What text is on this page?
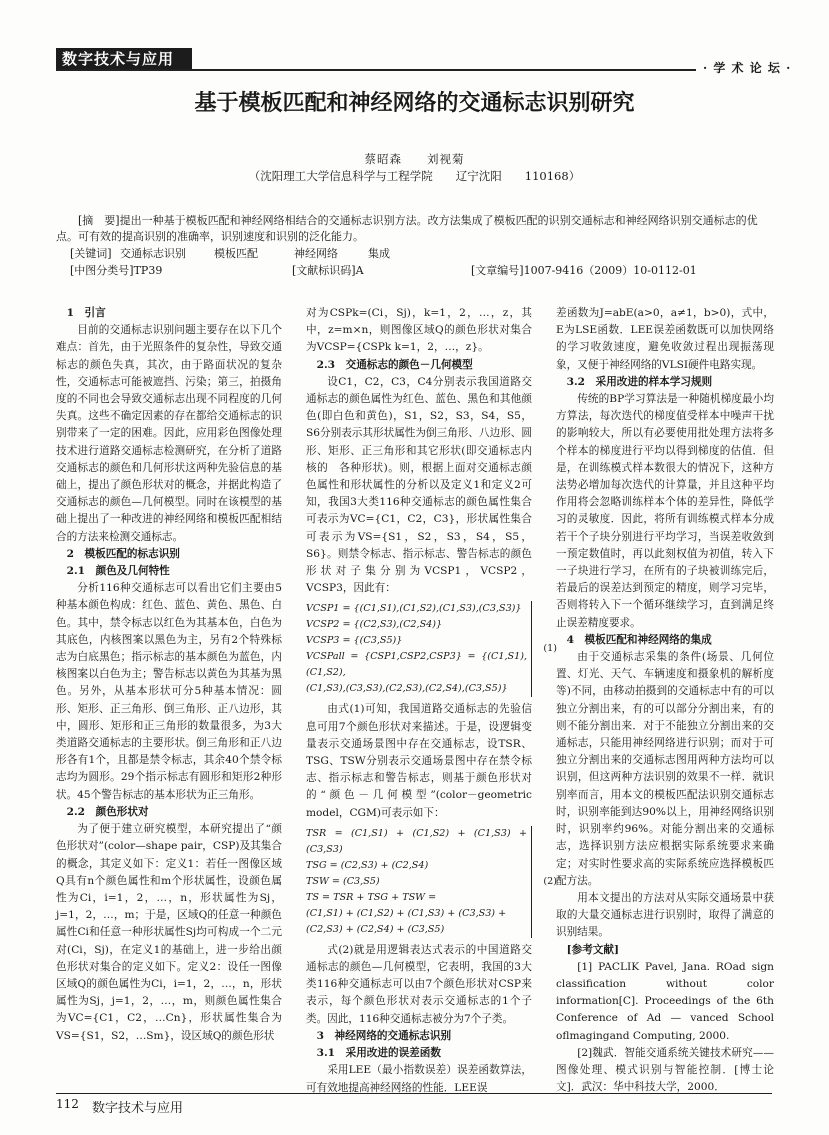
数字技术与应用	· 学 术 论 坛 ·
基于模板匹配和神经网络的交通标志识别研究
蔡昭森　　刘视菊
（沈阳理工大学信息科学与工程学院　　辽宁沈阳　　110168）

[摘　要]提出一种基于模板匹配和神经网络相结合的交通标志识别方法。改方法集成了模板匹配的识别交通标志和神经网络识别交通标志的优点。可有效的提高识别的准确率，识别速度和识别的泛化能力。

[关键词] 交通标志识别	模板匹配	神经网络	集成
[中图分类号]TP39	[文献标识码]A	[文章编号]1007-9416（2009）10-0112-01

1　引言

目前的交通标志识别问题主要存在以下几个难点：首先，由于光照条件的复杂性，导致交通标志的颜色失真，其次，由于路面状况的复杂性，交通标志可能被遮挡、污染；第三，拍摄角度的不同也会导致交通标志出现不同程度的几何失真。这些不确定因素的存在都给交通标志的识别带来了一定的困难。因此，应用彩色图像处理技术进行道路交通标志检测研究，在分析了道路交通标志的颜色和几何形状这两种先验信息的基础上，提出了颜色形状对的概念，并据此构造了交通标志的颜色—几何模型。同时在该模型的基础上提出了一种改进的神经网络和模板匹配相结合的方法来检测交通标志。

2　模板匹配的标志识别

2.1　颜色及几何特性

分析116种交通标志可以看出它们主要由5种基本颜色构成：红色、蓝色、黄色、黑色、白色。其中，禁令标志以红色为其基本色，白色为其底色，内核图案以黑色为主，另有2个特殊标志为白底黑色；指示标志的基本颜色为蓝色，内核图案以白色为主；警告标志以黄色为其基为黑色。另外，从基本形状可分5种基本情况：圆形、矩形、正三角形、倒三角形、正八边形，其中，圆形、矩形和正三角形的数量很多，为3大类道路交通标志的主要形状。倒三角形和正八边形各有1个，且都是禁令标志，其余40个禁令标志均为圆形。29个指示标志有圆形和矩形2种形状。45个警告标志的基本形状为正三角形。

2.2　颜色形状对

为了便于建立研究模型，本研究提出了“颜色形状对”(color—shape pair，CSP)及其集合的概念，其定义如下：定义1：若任一图像区域Q具有n个颜色属性和m个形状属性，设颜色属性为Ci，i=1，2，…，n，形状属性为Sj，j=1，2，…，m；于是，区域Q的任意一种颜色属性Ci和任意一种形状属性Sj均可构成一个二元对(Ci，Sj)，在定义1的基础上，进一步给出颜色形状对集合的定义如下。定义2：设任一图像区域Q的颜色属性为Ci，i=1，2，…，n，形状属性为Sj，j=1，2，…，m，则颜色属性集合为VC={C1，C2，…Cn}，形状属性集合为VS={S1，S2，…Sm}，设区域Q的颜色形状

对为CSPk=(Ci，Sj)，k=1，2，…，z，其中，z=m×n，则图像区域Q的颜色形状对集合为VCSP={CSPk k=1，2，…，z}。

2.3　交通标志的颜色－几何模型

设C1，C2，C3，C4分别表示我国道路交通标志的颜色属性为红色、蓝色、黑色和其他颜色(即白色和黄色)，S1，S2，S3，S4，S5，S6分别表示其形状属性为倒三角形、八边形、圆形、矩形、正三角形和其它形状(即交通标志内核的　各种形状)。则，根据上面对交通标志颜色属性和形状属性的分析以及定义1和定义2可知，我国3大类116种交通标志的颜色属性集合可表示为VC={C1，C2，C3}，形状属性集合可表示为VS={S1，S2，S3，S4，S5，S6}。则禁令标志、指示标志、警告标志的颜色形状对子集分别为VCSP1，VCSP2，VCSP3，因此有：

VCSP1 = {(C1,S1),(C1,S2),(C1,S3),(C3,S3)}
VCSP2 = {(C2,S3),(C2,S4)}
VCSP3 = {(C3,S5)}
VCSPall = {CSP1,CSP2,CSP3} = {(C1,S1),(C1,S2),
(C1,S3),(C3,S3),(C2,S3),(C2,S4),(C3,S5)}
(1)

由式(1)可知，我国道路交通标志的先验信息可用7个颜色形状对来描述。于是，设逻辑变量表示交通场景图中存在交通标志，设TSR、TSG、TSW分别表示交通场景图中存在禁令标志、指示标志和警告标志，则基于颜色形状对的“颜色－几何模型”(color－geometric model，CGM)可表示如下：

TSR = (C1,S1) + (C1,S2) + (C1,S3) + (C3,S3)
TSG = (C2,S3) + (C2,S4)
TSW = (C3,S5)
TS = TSR + TSG + TSW =
(C1,S1) + (C1,S2) + (C1,S3) + (C3,S3) +
(C2,S3) + (C2,S4) + (C3,S5)
(2)

式(2)就是用逻辑表达式表示的中国道路交通标志的颜色—几何模型，它表明，我国的3大类116种交通标志可以由7个颜色形状对CSP来表示，每个颜色形状对表示交通标志的1个子类。因此，116种交通标志被分为7个子类。

3　神经网络的交通标志识别

3.1　采用改进的误差函数

采用LEE（最小指数误差）误差函数算法，可有效地提高神经网络的性能．LEE误

差函数为J=abE(a>0，a≠1，b>0)，式中，E为LSE函数．LEE误差函数既可以加快网络的学习收敛速度，避免收敛过程出现振荡现象，又便于神经网络的VLSI硬件电路实现。

3.2　采用改进的样本学习规则

传统的BP学习算法是一种随机梯度最小均方算法，每次迭代的梯度值受样本中噪声干扰的影响较大，所以有必要使用批处理方法将多个样本的梯度进行平均以得到梯度的估值．但是，在训练模式样本数很大的情况下，这种方法势必增加每次迭代的计算量，并且这种平均作用将会忽略训练样本个体的差异性，降低学习的灵敏度．因此，将所有训练模式样本分成若干个子块分别进行平均学习，当误差收敛到一预定数值时，再以此刻权值为初值，转入下一子块进行学习，在所有的子块被训练完后，若最后的误差达到预定的精度，则学习完毕，否则将转入下一个循环继续学习，直到满足终止误差精度要求。

4　模板匹配和神经网络的集成

由于交通标志采集的条件(场景、几何位置、灯光、天气、车辆速度和摄象机的解析度等)不同，由移动拍摄到的交通标志中有的可以独立分割出来，有的可以部分分割出来，有的则不能分割出来．对于不能独立分割出来的交通标志，只能用神经网络进行识别；而对于可独立分割出来的交通标志图用两种方法均可以识别，但这两种方法识别的效果不一样．就识别率而言，用本文的模板匹配法识别交通标志时，识别率能到达90%以上，用神经网络识别时，识别率约96%。对能分割出来的交通标志，选择识别方法应根据实际系统要求来确定；对实时性要求高的实际系统应选择模板匹配方法。

用本文提出的方法对从实际交通场景中获取的大量交通标志进行识别时，取得了满意的识别结果。

[参考文献]

[1] PACLIK Pavel, Jana. ROad sign classification without color information[C]. Proceedings of the 6th Conference of Ad — vanced School oflmagingand Computing, 2000.

[2]魏武．智能交通系统关键技术研究——图像处理、模式识别与智能控制．[博士论文]．武汉：华中科技大学，2000．

112 数字技术与应用
